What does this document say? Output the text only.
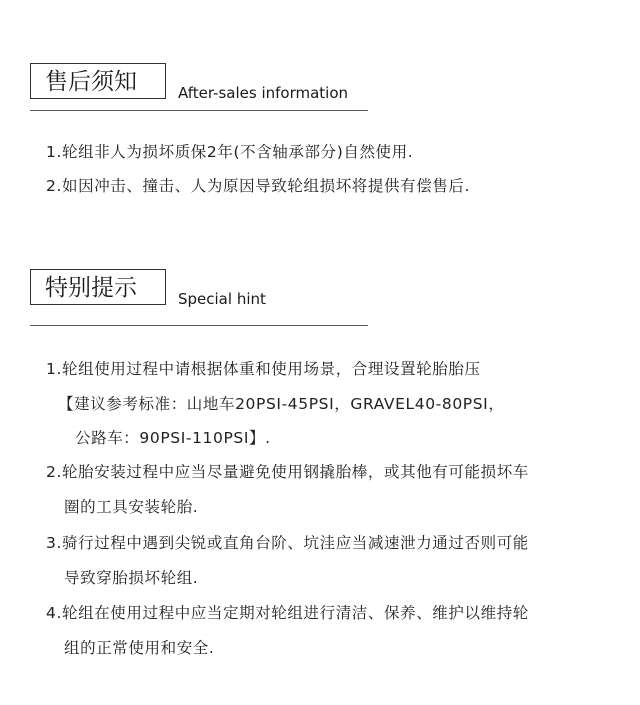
售后须知	After-sales information
1.轮组非人为损坏质保2年(不含轴承部分)自然使用.
2.如因冲击、撞击、人为原因导致轮组损坏将提供有偿售后.
特别提示	Special hint
1.轮组使用过程中请根据体重和使用场景，合理设置轮胎胎压
【建议参考标准：山地车20PSI-45PSI，GRAVEL40-80PSI，
公路车：90PSI-110PSI】.
2.轮胎安装过程中应当尽量避免使用钢撬胎棒，或其他有可能损坏车
圈的工具安装轮胎.
3.骑行过程中遇到尖锐或直角台阶、坑洼应当减速泄力通过否则可能
导致穿胎损坏轮组.
4.轮组在使用过程中应当定期对轮组进行清洁、保养、维护以维持轮
组的正常使用和安全.
